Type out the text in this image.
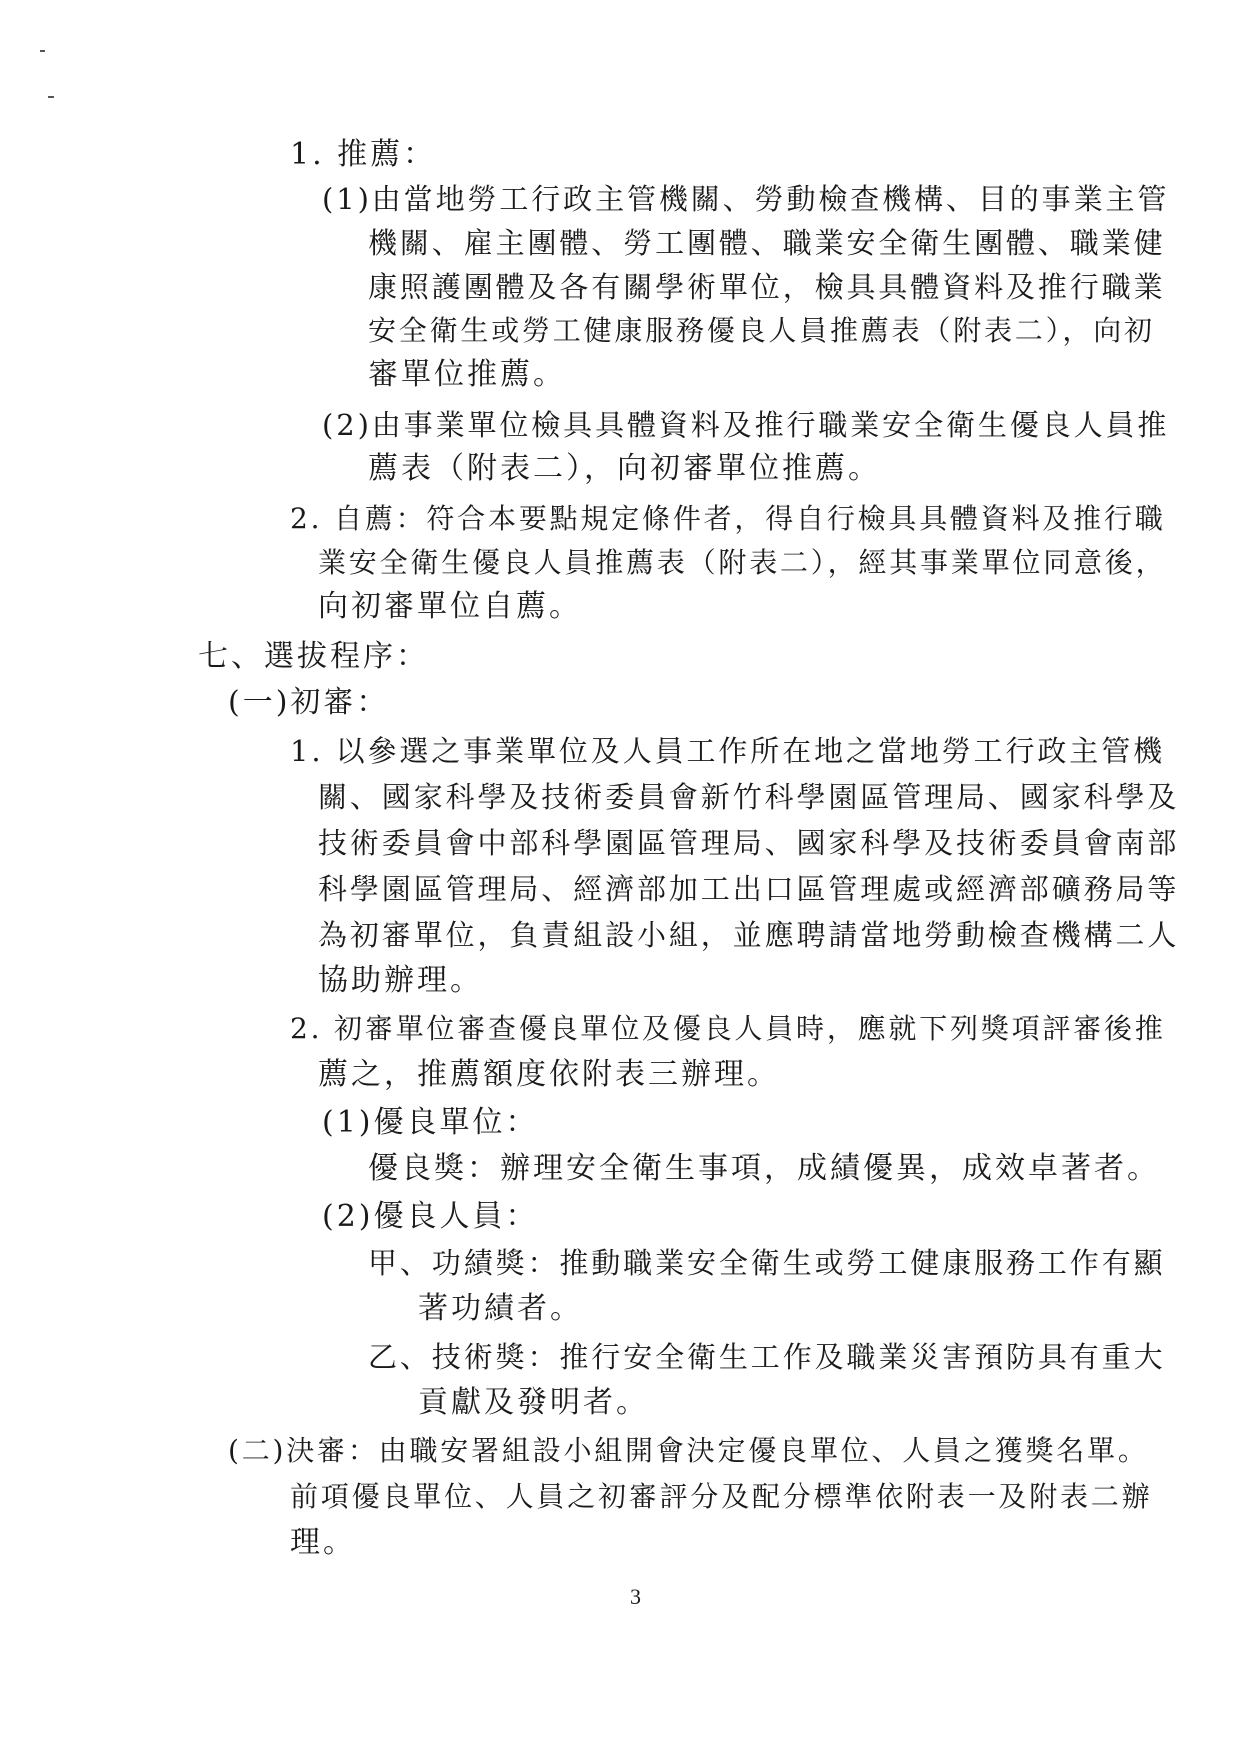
1. 推薦：
(1)由當地勞工行政主管機關、勞動檢查機構、目的事業主管
機關、雇主團體、勞工團體、職業安全衛生團體、職業健
康照護團體及各有關學術單位，檢具具體資料及推行職業
安全衛生或勞工健康服務優良人員推薦表（附表二），向初
審單位推薦。
(2)由事業單位檢具具體資料及推行職業安全衛生優良人員推
薦表（附表二），向初審單位推薦。
2. 自薦：符合本要點規定條件者，得自行檢具具體資料及推行職
業安全衛生優良人員推薦表（附表二），經其事業單位同意後，
向初審單位自薦。
七、選拔程序：
(一)初審：
1. 以參選之事業單位及人員工作所在地之當地勞工行政主管機
關、國家科學及技術委員會新竹科學園區管理局、國家科學及
技術委員會中部科學園區管理局、國家科學及技術委員會南部
科學園區管理局、經濟部加工出口區管理處或經濟部礦務局等
為初審單位，負責組設小組，並應聘請當地勞動檢查機構二人
協助辦理。
2. 初審單位審查優良單位及優良人員時，應就下列獎項評審後推
薦之，推薦額度依附表三辦理。
(1)優良單位：
優良獎：辦理安全衛生事項，成績優異，成效卓著者。
(2)優良人員：
甲、功績獎：推動職業安全衛生或勞工健康服務工作有顯
著功績者。
乙、技術獎：推行安全衛生工作及職業災害預防具有重大
貢獻及發明者。
(二)決審：由職安署組設小組開會決定優良單位、人員之獲獎名單。
前項優良單位、人員之初審評分及配分標準依附表一及附表二辦
理。
3
